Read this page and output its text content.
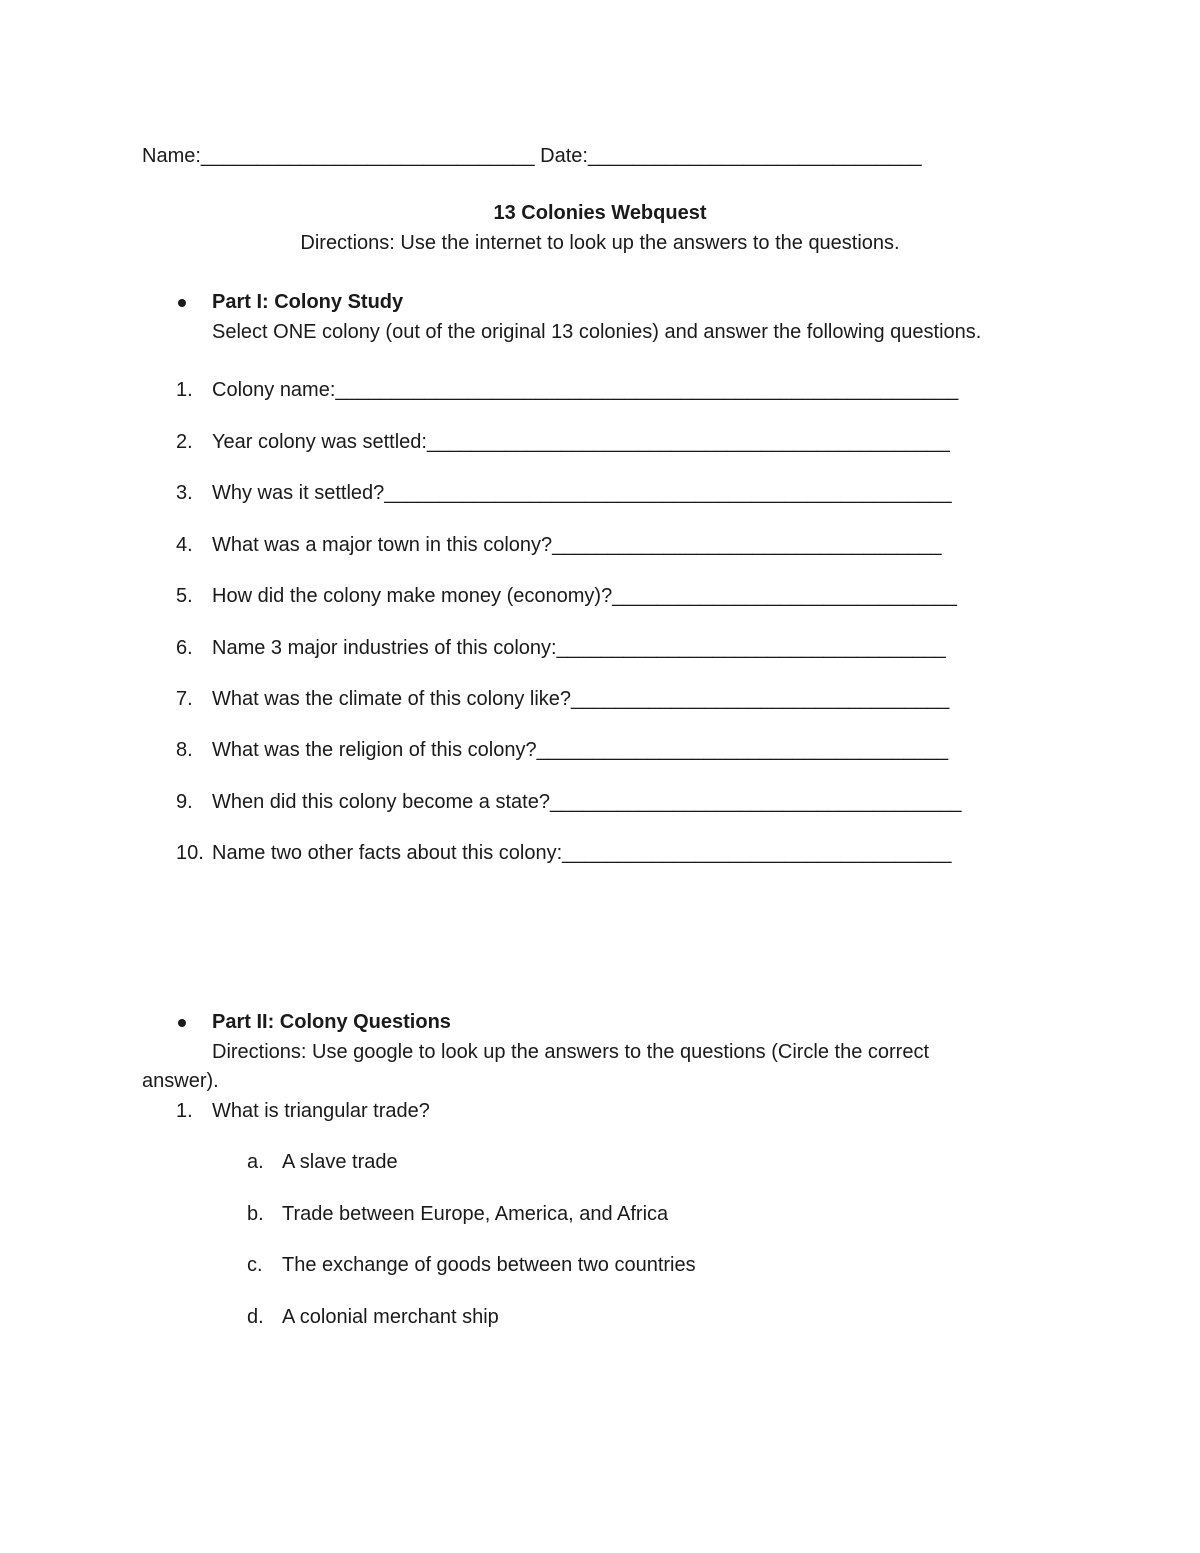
Name:______________________________ Date:______________________________
13 Colonies Webquest
Directions: Use the internet to look up the answers to the questions.
Part I: Colony Study
Select ONE colony (out of the original 13 colonies) and answer the following questions.
1. Colony name:________________________________________________________
2. Year colony was settled:_______________________________________________
3. Why was it settled?___________________________________________________
4. What was a major town in this colony?___________________________________
5. How did the colony make money (economy)?_______________________________
6. Name 3 major industries of this colony:___________________________________
7. What was the climate of this colony like?__________________________________
8. What was the religion of this colony?_____________________________________
9. When did this colony become a state?_____________________________________
10. Name two other facts about this colony:___________________________________
Part II: Colony Questions
Directions: Use google to look up the answers to the questions (Circle the correct
answer).
1. What is triangular trade?
a. A slave trade
b. Trade between Europe, America, and Africa
c. The exchange of goods between two countries
d. A colonial merchant ship
